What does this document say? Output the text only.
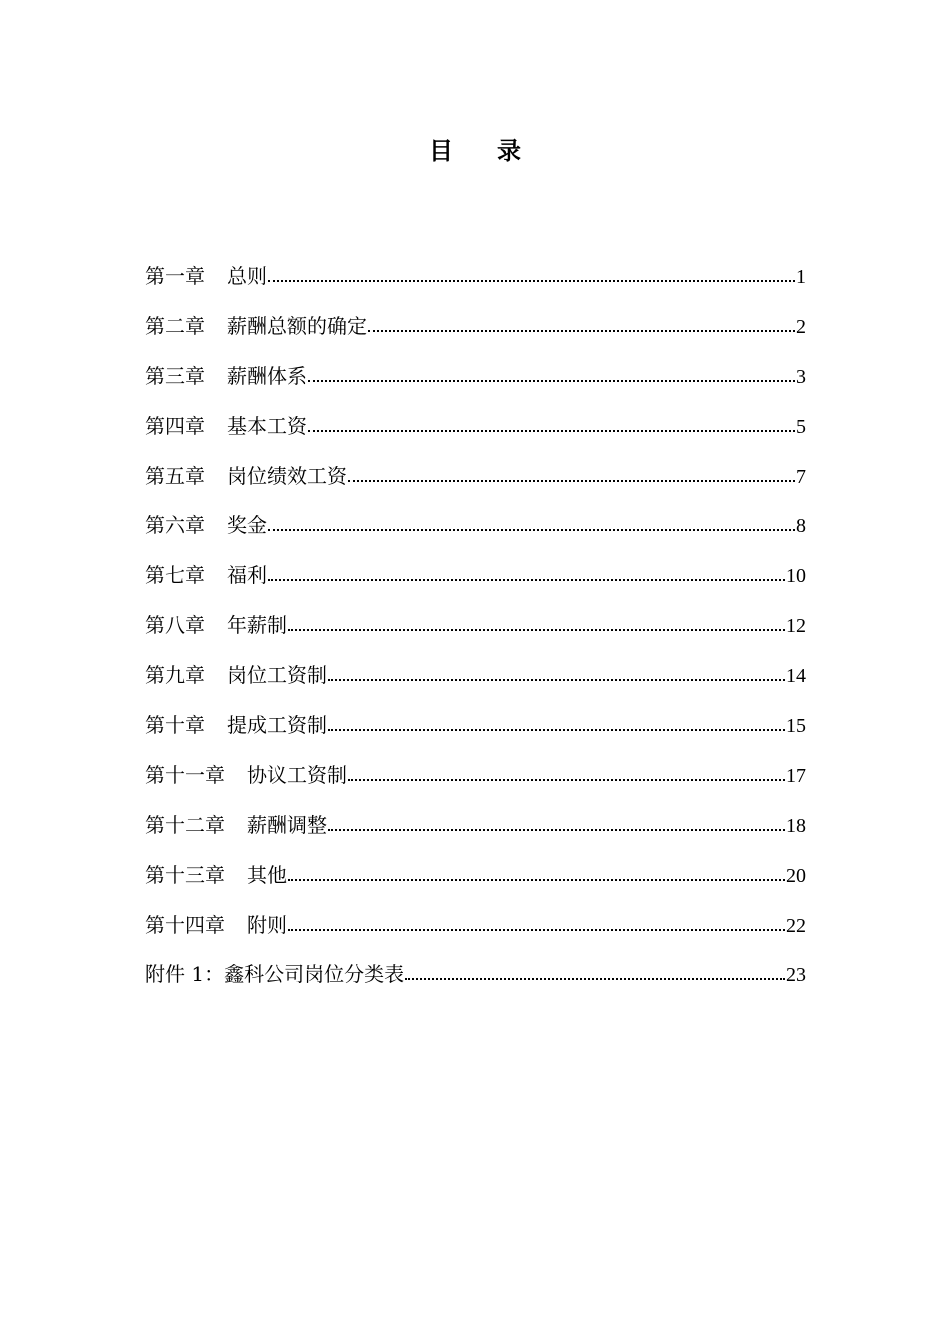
目录
第一章 总则	1
第二章 薪酬总额的确定	2
第三章 薪酬体系	3
第四章 基本工资	5
第五章 岗位绩效工资	7
第六章 奖金	8
第七章 福利	10
第八章 年薪制	12
第九章 岗位工资制	14
第十章 提成工资制	15
第十一章 协议工资制	17
第十二章 薪酬调整	18
第十三章 其他	20
第十四章 附则	22
附件 1：鑫科公司岗位分类表	23
